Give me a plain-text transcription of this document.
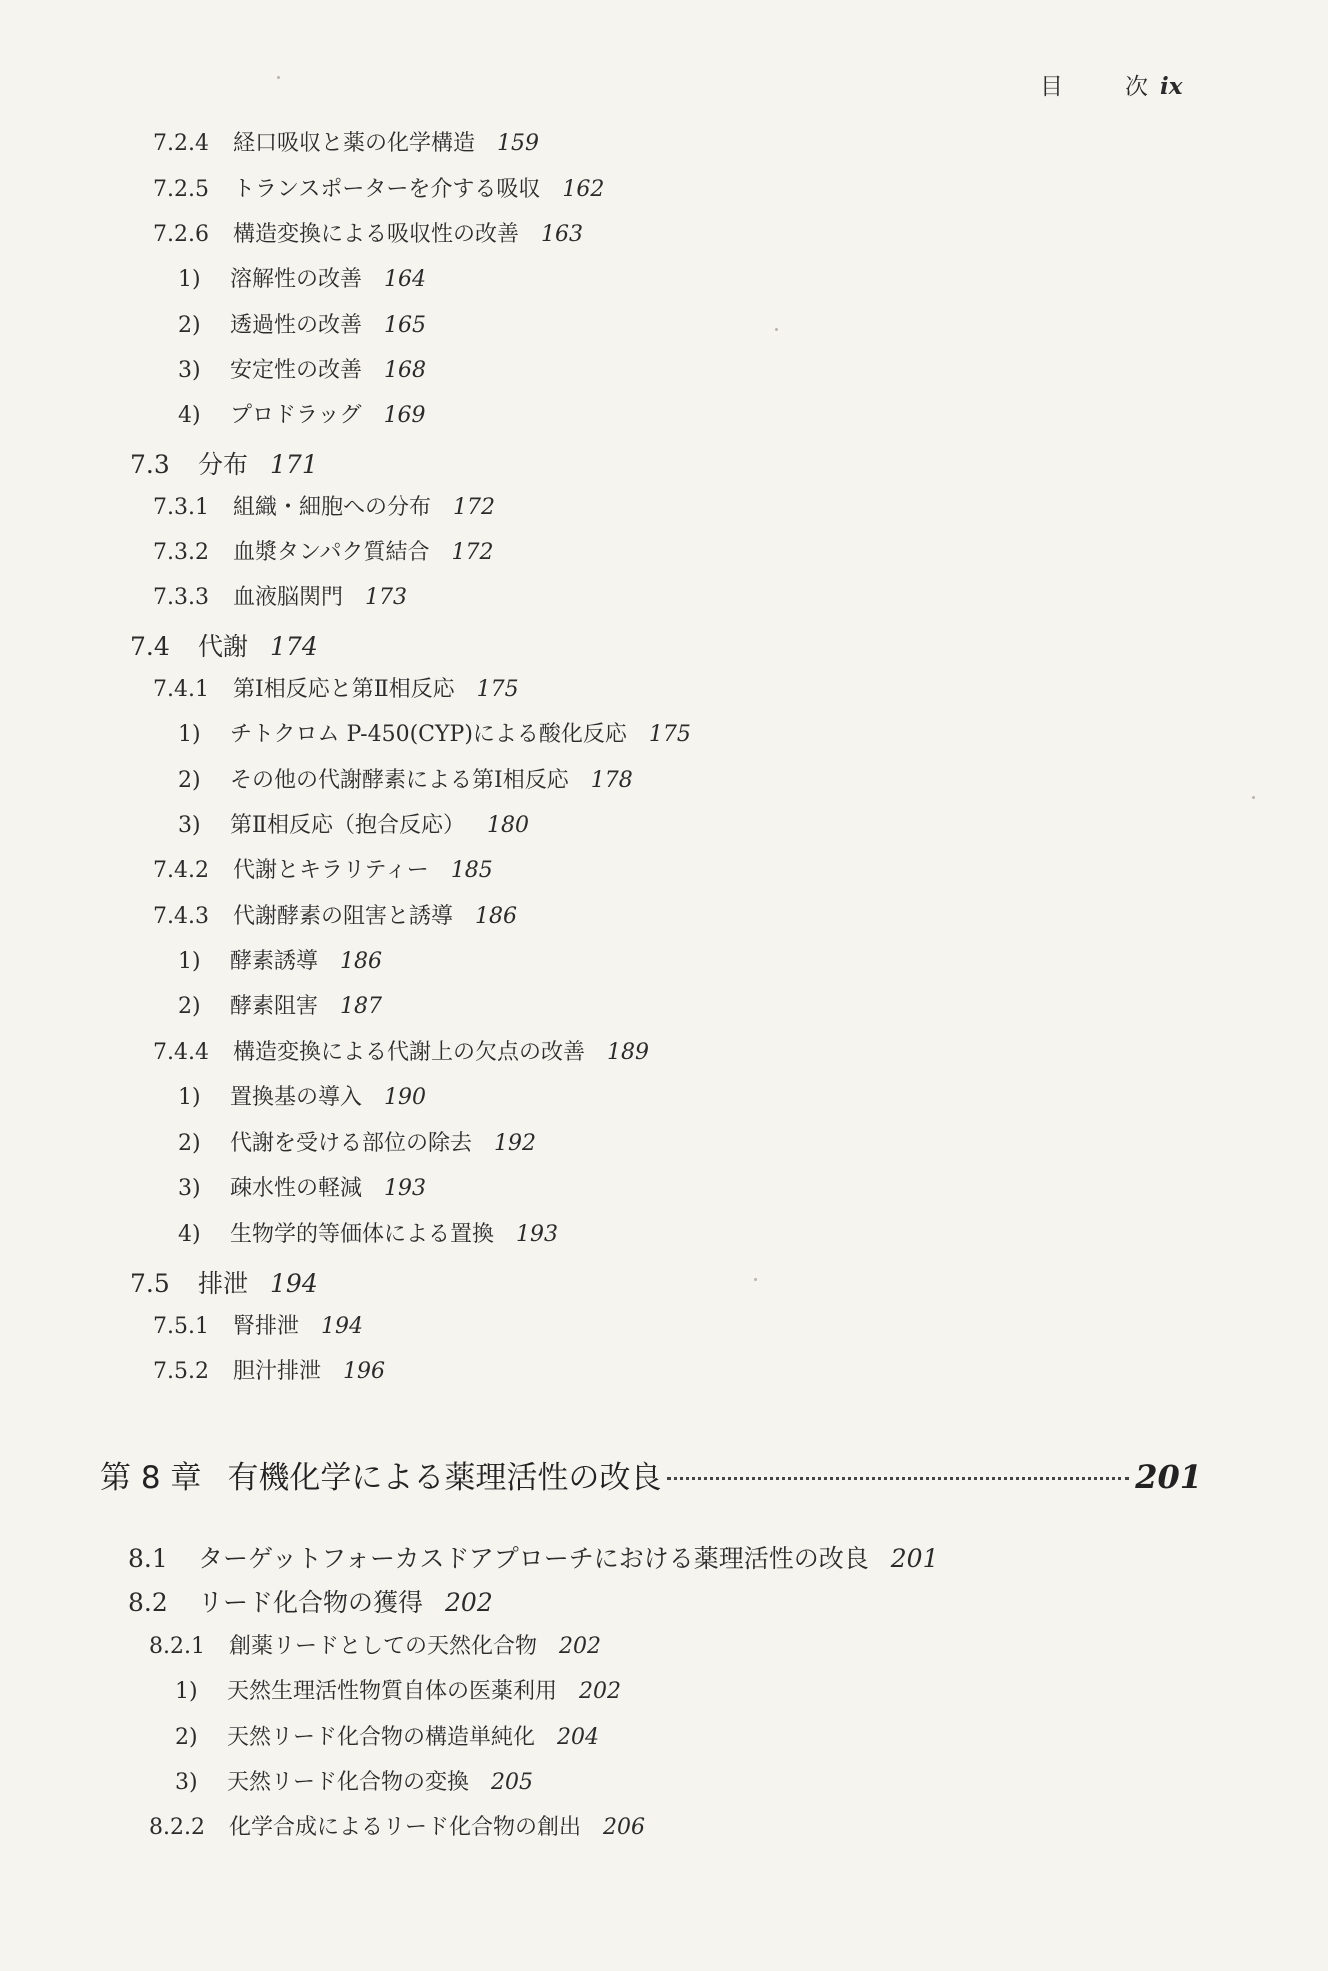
目	次 ix
7.2.4 経口吸収と薬の化学構造 159
7.2.5 トランスポーターを介する吸収 162
7.2.6 構造変換による吸収性の改善 163
1) 溶解性の改善 164
2) 透過性の改善 165
3) 安定性の改善 168
4) プロドラッグ 169
7.3 分布 171
7.3.1 組織・細胞への分布 172
7.3.2 血漿タンパク質結合 172
7.3.3 血液脳関門 173
7.4 代謝 174
7.4.1 第Ⅰ相反応と第Ⅱ相反応 175
1) チトクロム P-450(CYP)による酸化反応 175
2) その他の代謝酵素による第Ⅰ相反応 178
3) 第Ⅱ相反応（抱合反応） 180
7.4.2 代謝とキラリティー 185
7.4.3 代謝酵素の阻害と誘導 186
1) 酵素誘導 186
2) 酵素阻害 187
7.4.4 構造変換による代謝上の欠点の改善 189
1) 置換基の導入 190
2) 代謝を受ける部位の除去 192
3) 疎水性の軽減 193
4) 生物学的等価体による置換 193
7.5 排泄 194
7.5.1 腎排泄 194
7.5.2 胆汁排泄 196
第 8 章 有機化学による薬理活性の改良	201
8.1 ターゲットフォーカスドアプローチにおける薬理活性の改良 201
8.2 リード化合物の獲得 202
8.2.1 創薬リードとしての天然化合物 202
1) 天然生理活性物質自体の医薬利用 202
2) 天然リード化合物の構造単純化 204
3) 天然リード化合物の変換 205
8.2.2 化学合成によるリード化合物の創出 206
